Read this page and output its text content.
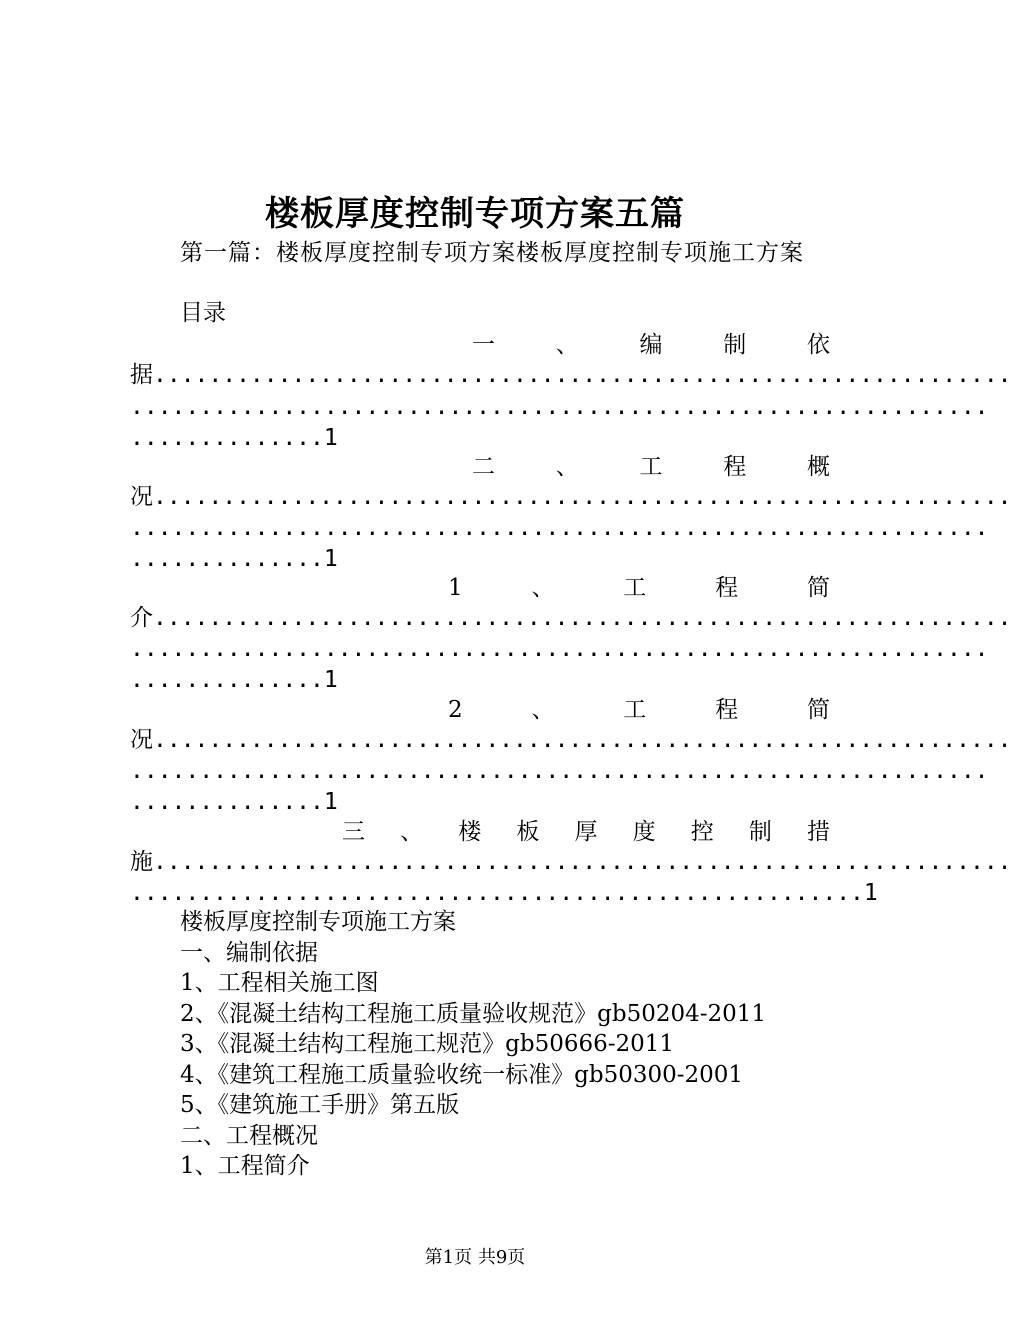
楼板厚度控制专项方案五篇
第一篇：楼板厚度控制专项方案楼板厚度控制专项施工方案
目录
一	、	编	制	依
据..............................................................
..............................................................
..............1
二	、	工	程	概
况..............................................................
..............................................................
..............1
1	、	工	程	简
介..............................................................
..............................................................
..............1
2	、	工	程	简
况..............................................................
..............................................................
..............1
三 、 楼 板 厚 度 控 制 措
施..............................................................
.....................................................1
楼板厚度控制专项施工方案
一、编制依据
1、工程相关施工图
2、《混凝土结构工程施工质量验收规范》gb50204-2011
3、《混凝土结构工程施工规范》gb50666-2011
4、《建筑工程施工质量验收统一标准》gb50300-2001
5、《建筑施工手册》第五版
二、工程概况
1、工程简介
第1页 共9页
